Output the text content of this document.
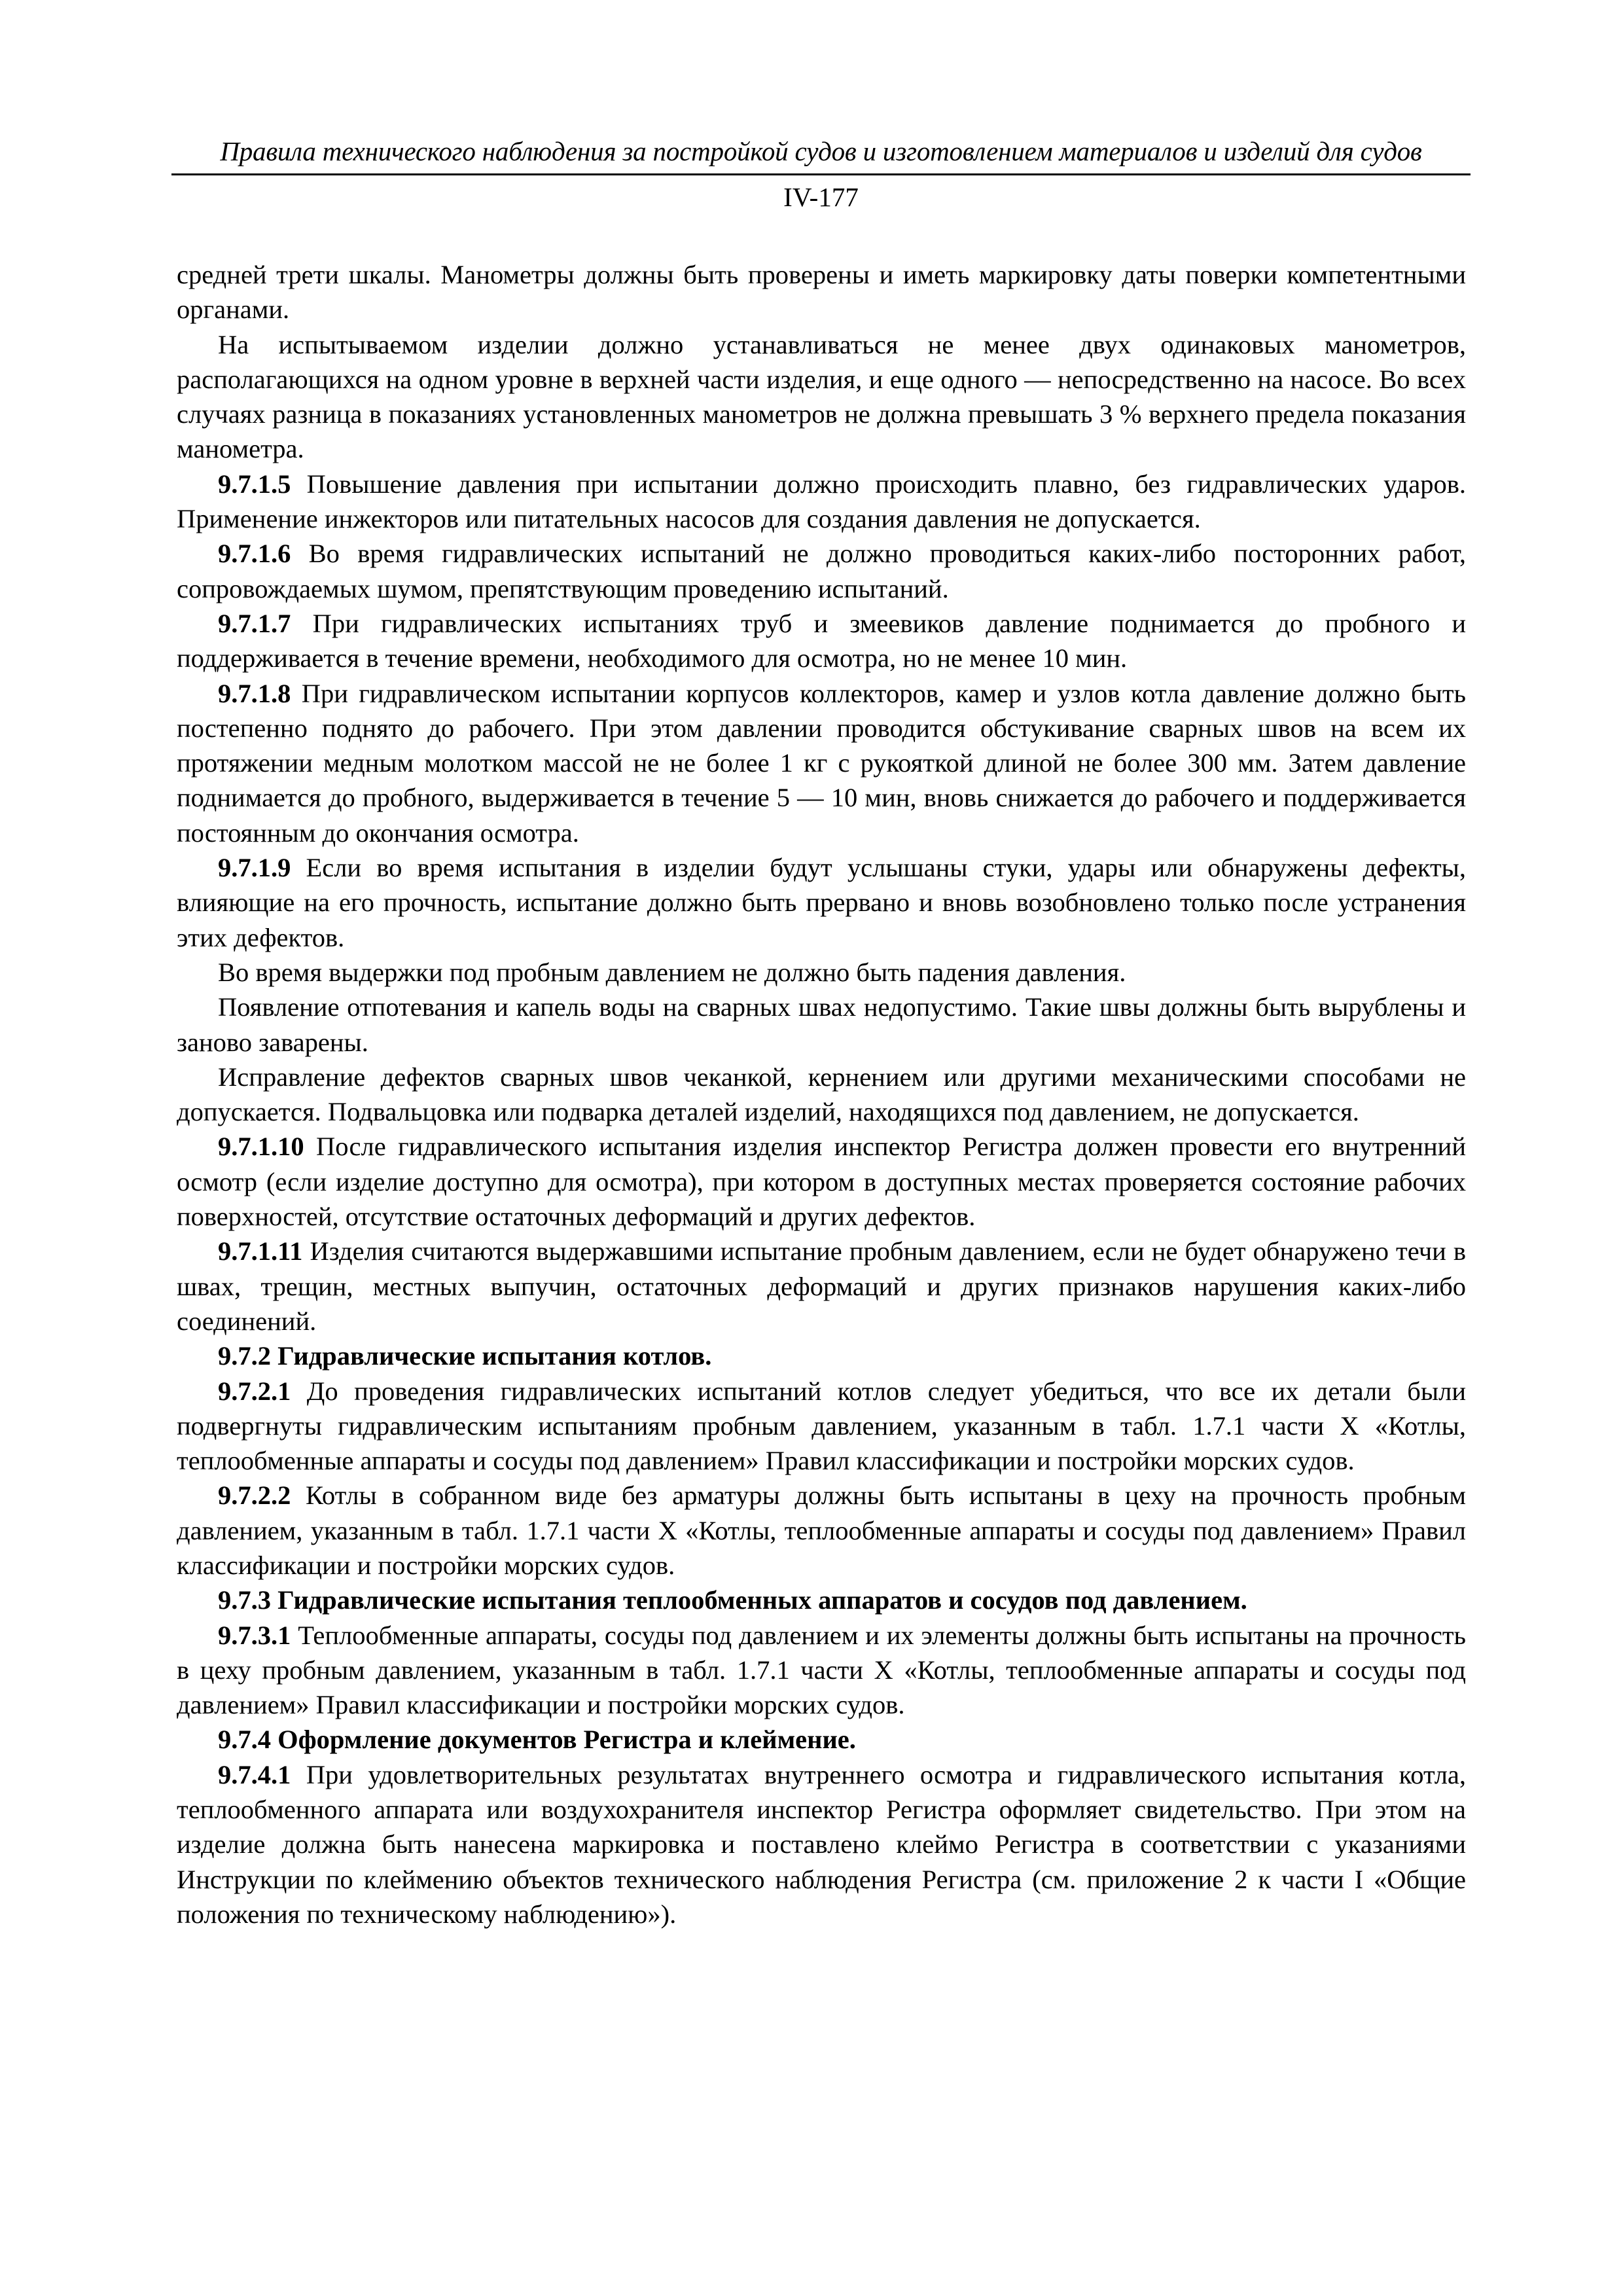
Правила технического наблюдения за постройкой судов и изготовлением материалов и изделий для судов
IV-177

средней трети шкалы. Манометры должны быть проверены и иметь маркировку даты поверки компетентными органами.

На испытываемом изделии должно устанавливаться не менее двух одинаковых манометров, располагающихся на одном уровне в верхней части изделия, и еще одного — непосредственно на насосе. Во всех случаях разница в показаниях установленных манометров не должна превышать 3 % верхнего предела показания манометра.

9.7.1.5 Повышение давления при испытании должно происходить плавно, без гидравлических ударов. Применение инжекторов или питательных насосов для создания давления не допускается.

9.7.1.6 Во время гидравлических испытаний не должно проводиться каких-либо посторонних работ, сопровождаемых шумом, препятствующим проведению испытаний.

9.7.1.7 При гидравлических испытаниях труб и змеевиков давление поднимается до пробного и поддерживается в течение времени, необходимого для осмотра, но не менее 10 мин.

9.7.1.8 При гидравлическом испытании корпусов коллекторов, камер и узлов котла давление должно быть постепенно поднято до рабочего. При этом давлении проводится обстукивание сварных швов на всем их протяжении медным молотком массой не не более 1 кг с рукояткой длиной не более 300 мм. Затем давление поднимается до пробного, выдерживается в течение 5 — 10 мин, вновь снижается до рабочего и поддерживается постоянным до окончания осмотра.

9.7.1.9 Если во время испытания в изделии будут услышаны стуки, удары или обнаружены дефекты, влияющие на его прочность, испытание должно быть прервано и вновь возобновлено только после устранения этих дефектов.

Во время выдержки под пробным давлением не должно быть падения давления.

Появление отпотевания и капель воды на сварных швах недопустимо. Такие швы должны быть вырублены и заново заварены.

Исправление дефектов сварных швов чеканкой, кернением или другими механическими способами не допускается. Подвальцовка или подварка деталей изделий, находящихся под давлением, не допускается.

9.7.1.10 После гидравлического испытания изделия инспектор Регистра должен провести его внутренний осмотр (если изделие доступно для осмотра), при котором в доступных местах проверяется состояние рабочих поверхностей, отсутствие остаточных деформаций и других дефектов.

9.7.1.11 Изделия считаются выдержавшими испытание пробным давлением, если не будет обнаружено течи в швах, трещин, местных выпучин, остаточных деформаций и других признаков нарушения каких-либо соединений.

9.7.2 Гидравлические испытания котлов.

9.7.2.1 До проведения гидравлических испытаний котлов следует убедиться, что все их детали были подвергнуты гидравлическим испытаниям пробным давлением, указанным в табл. 1.7.1 части X «Котлы, теплообменные аппараты и сосуды под давлением» Правил классификации и постройки морских судов.

9.7.2.2 Котлы в собранном виде без арматуры должны быть испытаны в цеху на прочность пробным давлением, указанным в табл. 1.7.1 части X «Котлы, теплообменные аппараты и сосуды под давлением» Правил классификации и постройки морских судов.

9.7.3 Гидравлические испытания теплообменных аппаратов и сосудов под давлением.

9.7.3.1 Теплообменные аппараты, сосуды под давлением и их элементы должны быть испытаны на прочность в цеху пробным давлением, указанным в табл. 1.7.1 части X «Котлы, теплообменные аппараты и сосуды под давлением» Правил классификации и постройки морских судов.

9.7.4 Оформление документов Регистра и клеймение.

9.7.4.1 При удовлетворительных результатах внутреннего осмотра и гидравлического испытания котла, теплообменного аппарата или воздухохранителя инспектор Регистра оформляет свидетельство. При этом на изделие должна быть нанесена маркировка и поставлено клеймо Регистра в соответствии с указаниями Инструкции по клеймению объектов технического наблюдения Регистра (см. приложение 2 к части I «Общие положения по техническому наблюдению»).
